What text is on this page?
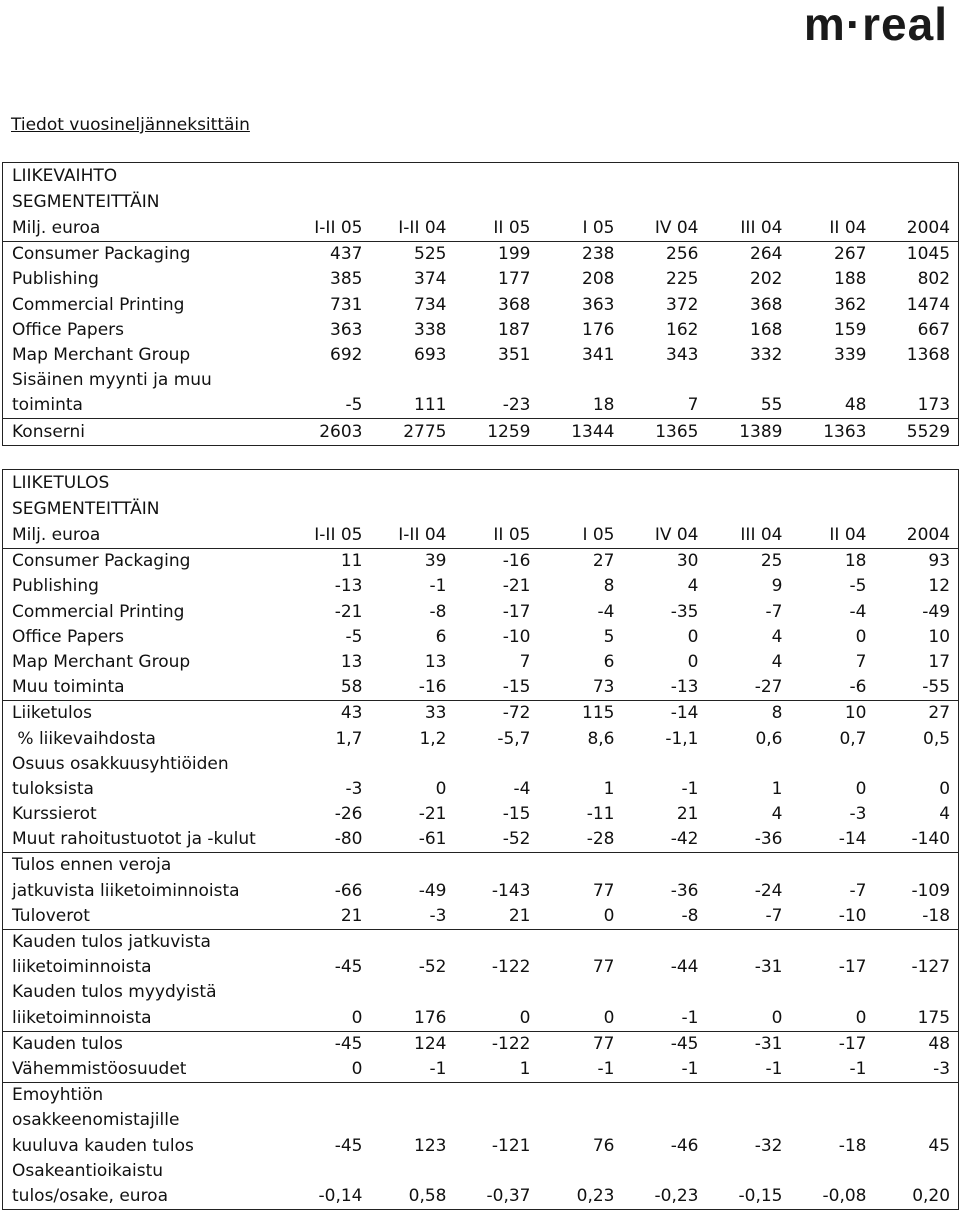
m·real
Tiedot vuosineljänneksittäin
LIIKEVAIHTO								
SEGMENTEITTÄIN								
Milj. euroa	I-II 05	I-II 04	II 05	I 05	IV 04	III 04	II 04	2004
Consumer Packaging	437	525	199	238	256	264	267	1045
Publishing	385	374	177	208	225	202	188	802
Commercial Printing	731	734	368	363	372	368	362	1474
Office Papers	363	338	187	176	162	168	159	667
Map Merchant Group	692	693	351	341	343	332	339	1368
Sisäinen myynti ja muu								
toiminta	-5	111	-23	18	7	55	48	173
Konserni	2603	2775	1259	1344	1365	1389	1363	5529
LIIKETULOS								
SEGMENTEITTÄIN								
Milj. euroa	I-II 05	I-II 04	II 05	I 05	IV 04	III 04	II 04	2004
Consumer Packaging	11	39	-16	27	30	25	18	93
Publishing	-13	-1	-21	8	4	9	-5	12
Commercial Printing	-21	-8	-17	-4	-35	-7	-4	-49
Office Papers	-5	6	-10	5	0	4	0	10
Map Merchant Group	13	13	7	6	0	4	7	17
Muu toiminta	58	-16	-15	73	-13	-27	-6	-55
Liiketulos	43	33	-72	115	-14	8	10	27
% liikevaihdosta	1,7	1,2	-5,7	8,6	-1,1	0,6	0,7	0,5
Osuus osakkuusyhtiöiden								
tuloksista	-3	0	-4	1	-1	1	0	0
Kurssierot	-26	-21	-15	-11	21	4	-3	4
Muut rahoitustuotot ja -kulut	-80	-61	-52	-28	-42	-36	-14	-140
Tulos ennen veroja								
jatkuvista liiketoiminnoista	-66	-49	-143	77	-36	-24	-7	-109
Tuloverot	21	-3	21	0	-8	-7	-10	-18
Kauden tulos jatkuvista								
liiketoiminnoista	-45	-52	-122	77	-44	-31	-17	-127
Kauden tulos myydyistä								
liiketoiminnoista	0	176	0	0	-1	0	0	175
Kauden tulos	-45	124	-122	77	-45	-31	-17	48
Vähemmistöosuudet	0	-1	1	-1	-1	-1	-1	-3
Emoyhtiön								
osakkeenomistajille								
kuuluva kauden tulos	-45	123	-121	76	-46	-32	-18	45
Osakeantioikaistu								
tulos/osake, euroa	-0,14	0,58	-0,37	0,23	-0,23	-0,15	-0,08	0,20
